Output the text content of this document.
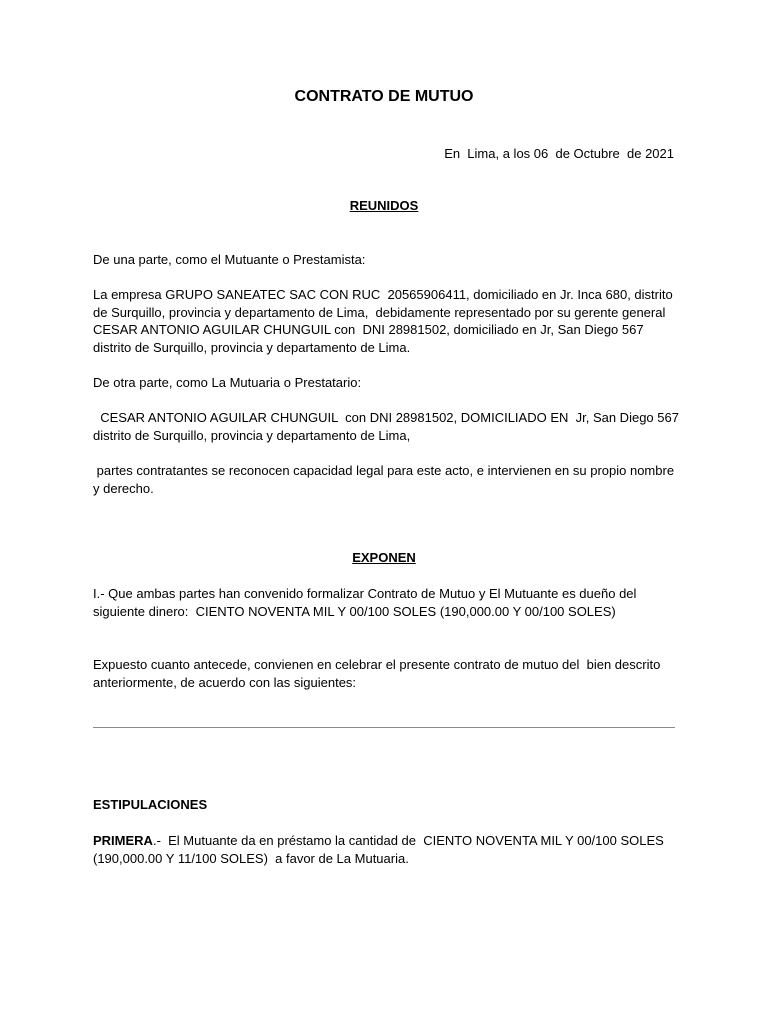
CONTRATO DE MUTUO
En  Lima, a los 06  de Octubre  de 2021
REUNIDOS
De una parte, como el Mutuante o Prestamista:
La empresa GRUPO SANEATEC SAC CON RUC  20565906411, domiciliado en Jr. Inca 680, distrito de Surquillo, provincia y departamento de Lima,  debidamente representado por su gerente general   CESAR ANTONIO AGUILAR CHUNGUIL con  DNI 28981502, domiciliado en Jr, San Diego 567 distrito de Surquillo, provincia y departamento de Lima.
De otra parte, como La Mutuaria o Prestatario:
CESAR ANTONIO AGUILAR CHUNGUIL  con DNI 28981502, DOMICILIADO EN  Jr, San Diego 567 distrito de Surquillo, provincia y departamento de Lima,
partes contratantes se reconocen capacidad legal para este acto, e intervienen en su propio nombre y derecho.
EXPONEN
I.- Que ambas partes han convenido formalizar Contrato de Mutuo y El Mutuante es dueño del siguiente dinero:  CIENTO NOVENTA MIL Y 00/100 SOLES (190,000.00 Y 00/100 SOLES)
Expuesto cuanto antecede, convienen en celebrar el presente contrato de mutuo del  bien descrito anteriormente, de acuerdo con las siguientes:
ESTIPULACIONES
PRIMERA.-  El Mutuante da en préstamo la cantidad de  CIENTO NOVENTA MIL Y 00/100 SOLES (190,000.00 Y 11/100 SOLES)  a favor de La Mutuaria.
